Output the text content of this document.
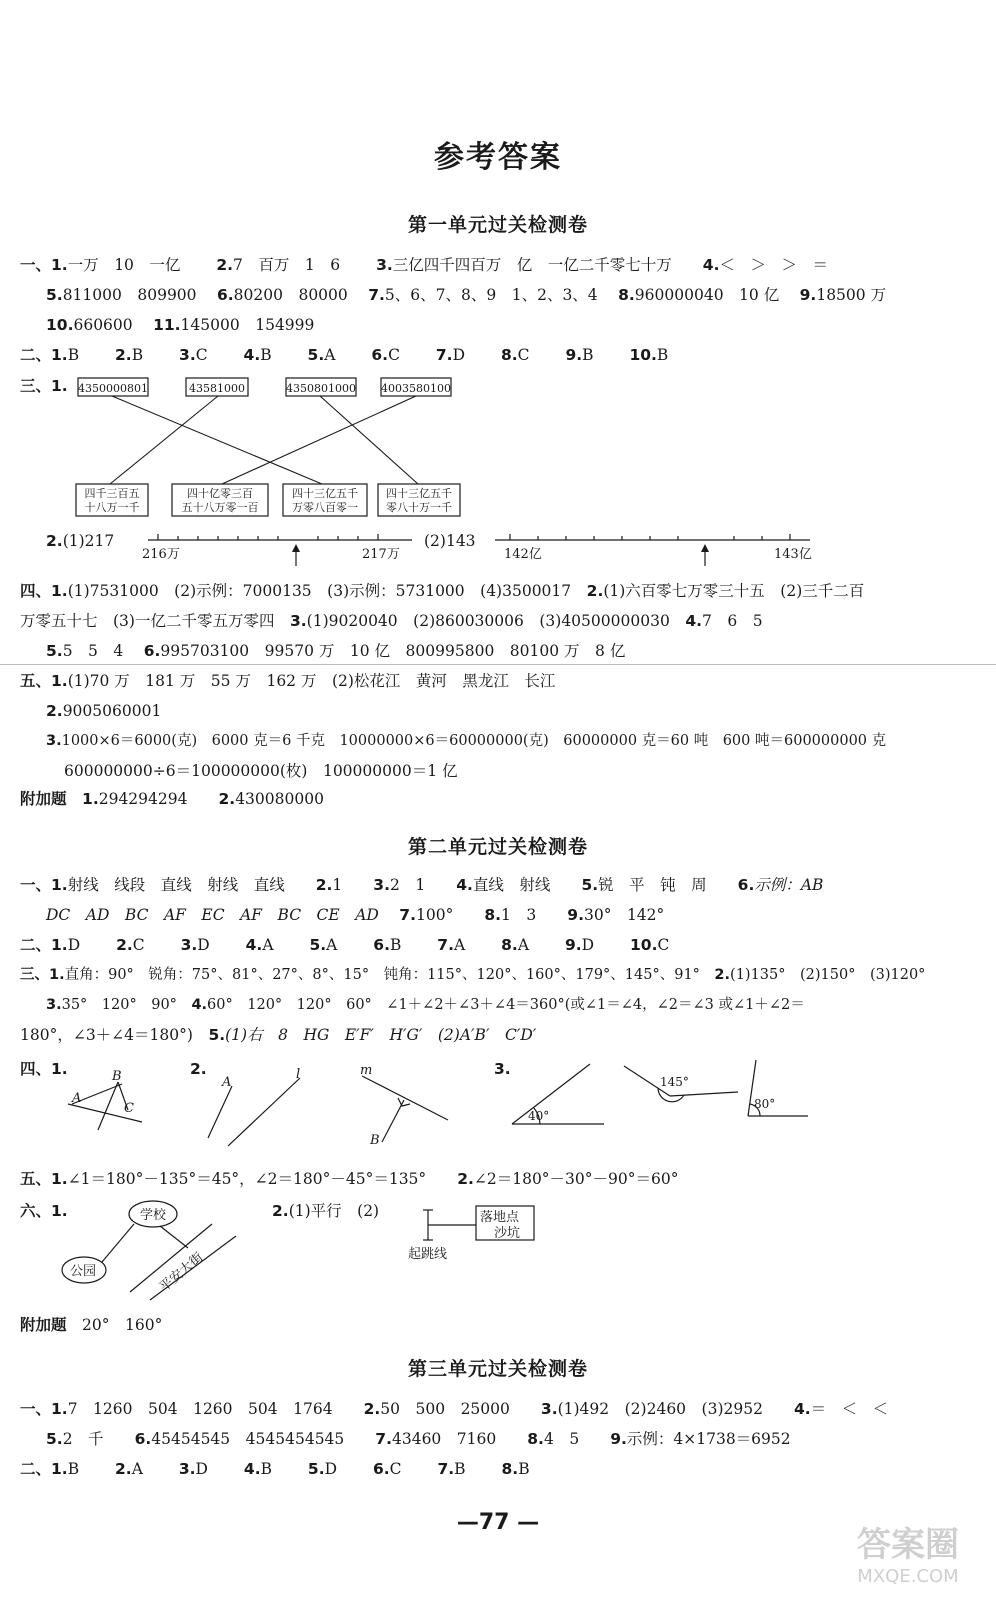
参考答案
第一单元过关检测卷
一、1.一万　10　一亿　　 2.7　百万　1　6　　 3.三亿四千四百万　亿　一亿二千零七十万　　 4.＜　＞　＞　＝
5.811000　809900　 6.80200　80000　 7.5、6、7、8、9　1、2、3、4　 8.960000040　10 亿　 9.18500 万
10.660600　 11.145000　154999
二、1.B　　 2.B　　 3.C　　 4.B　　 5.A　　 6.C　　 7.D　　 8.C　　 9.B　　 10.B
三、1. 4350000801	43581000	4350801000 4003580100
四千三百五
十八万一千
四十亿零三百
五十八万零一百
四十三亿五千
万零八百零一
四十三亿五千
零八十万一千
2.(1)217	(2)143
216万	217万	142亿	143亿
四、1.(1)7531000　(2)示例：7000135　(3)示例：5731000　(4)3500017　 2.(1)六百零七万零三十五　(2)三千二百
万零五十七　(3)一亿二千零五万零四　 3.(1)9020040　(2)860030006　(3)40500000030　 4.7　6　5
5.5　5　4　 6.995703100　99570 万　10 亿　800995800　80100 万　8 亿
五、1.(1)70 万　181 万　55 万　162 万　(2)松花江　黄河　黑龙江　长江
2.9005060001
3.1000×6＝6000(克)　6000 克＝6 千克　10000000×6＝60000000(克)　60000000 克＝60 吨　600 吨＝600000000 克
600000000÷6＝100000000(枚)　100000000＝1 亿
附加题　 1.294294294　　 2.430080000
第二单元过关检测卷
一、1.射线　线段　直线　射线　直线　　 2.1　　 3.2　1　　 4.直线　射线　　 5.锐　平　钝　周　　 6.示例：AB
DC　AD　BC　AF　EC　AF　BC　CE　AD　 7.100°　　 8.1　3　　 9.30°　142°
二、1.D　　 2.C　　 3.D　　 4.A　　 5.A　　 6.B　　 7.A　　 8.A　　 9.D　　 10.C
三、1.直角：90°　锐角：75°、81°、27°、8°、15°　钝角：115°、120°、160°、179°、145°、91°　 2.(1)135°　(2)150°　(3)120°
3.35°　120°　90°　 4.60°　120°　120°　60°　∠1＋∠2＋∠3＋∠4＝360°(或∠1＝∠4，∠2＝∠3 或∠1＋∠2＝
180°，∠3＋∠4＝180°)　 5.(1)右　8　HG　E′F′　H′G′　(2)A′B′　C′D′
四、1.	2.	3.
B
A
C
A
l	m
B
40°
145°
80°
五、1.∠1＝180°－135°＝45°，∠2＝180°－45°＝135°　　 2.∠2＝180°－30°－90°＝60°
六、1.	2.(1)平行　(2)
学校
公园	平安大街
落地点
沙坑
起跳线
附加题　 20°　160°
第三单元过关检测卷
一、1.7　1260　504　1260　504　1764　　 2.50　500　25000　　 3.(1)492　(2)2460　(3)2952　　 4.＝　＜　＜
5.2　千　　 6.45454545　4545454545　　 7.43460　7160　　 8.4　5　　 9.示例：4×1738＝6952
二、1.B　　 2.A　　 3.D　　 4.B　　 5.D　　 6.C　　 7.B　　 8.B
—77 —
答案圈
MXQE.COM
